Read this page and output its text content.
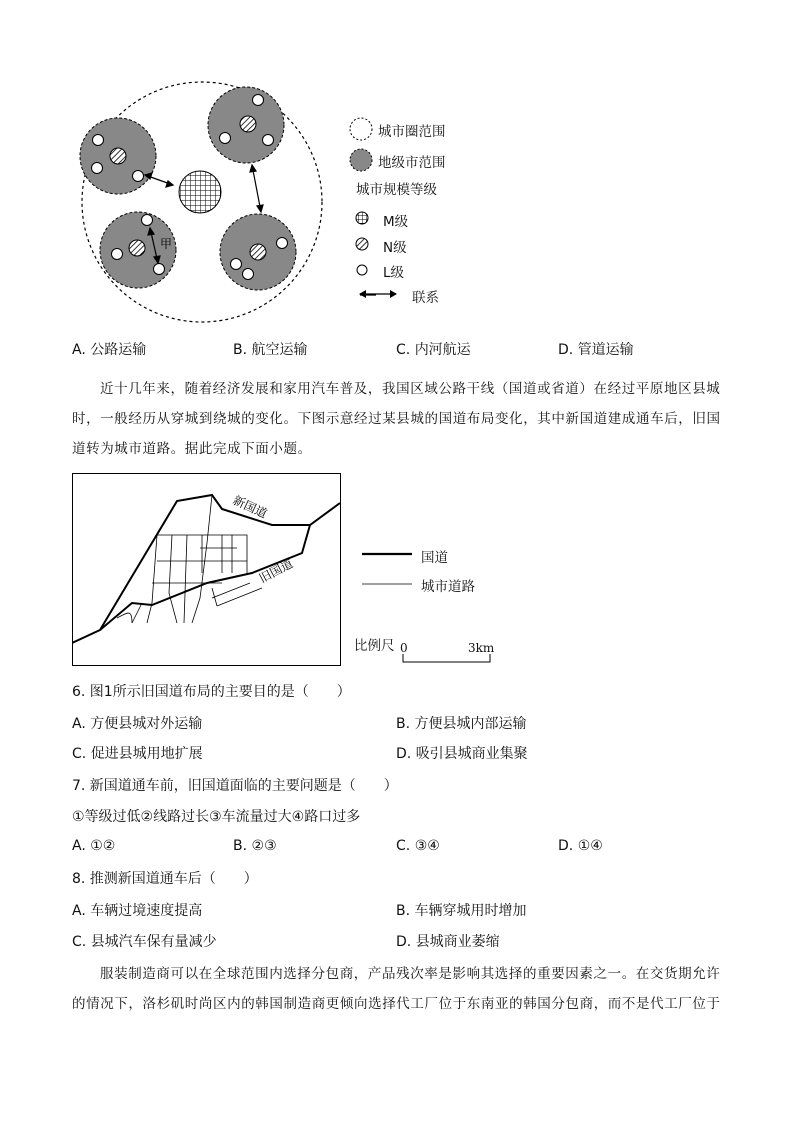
甲
城市圈范围
地级市范围
城市规模等级
M级
N级
L级
联系
A. 公路运输	B. 航空运输	C. 内河航运	D. 管道运输
近十几年来，随着经济发展和家用汽车普及，我国区域公路干线（国道或省道）在经过平原地区县城
时，一般经历从穿城到绕城的变化。下图示意经过某县城的国道布局变化，其中新国道建成通车后，旧国
道转为城市道路。据此完成下面小题。
新国道
旧国道	国道
城市道路
比例尺 0	3km
6. 图1所示旧国道布局的主要目的是（　　）
A. 方便县城对外运输	B. 方便县城内部运输
C. 促进县城用地扩展	D. 吸引县城商业集聚
7. 新国道通车前，旧国道面临的主要问题是（　　）
①等级过低②线路过长③车流量过大④路口过多
A. ①②	B. ②③	C. ③④	D. ①④
8. 推测新国道通车后（　　）
A. 车辆过境速度提高	B. 车辆穿城用时增加
C. 县城汽车保有量减少	D. 县城商业萎缩
服装制造商可以在全球范围内选择分包商，产品残次率是影响其选择的重要因素之一。在交货期允许
的情况下，洛杉矶时尚区内的韩国制造商更倾向选择代工厂位于东南亚的韩国分包商，而不是代工厂位于
